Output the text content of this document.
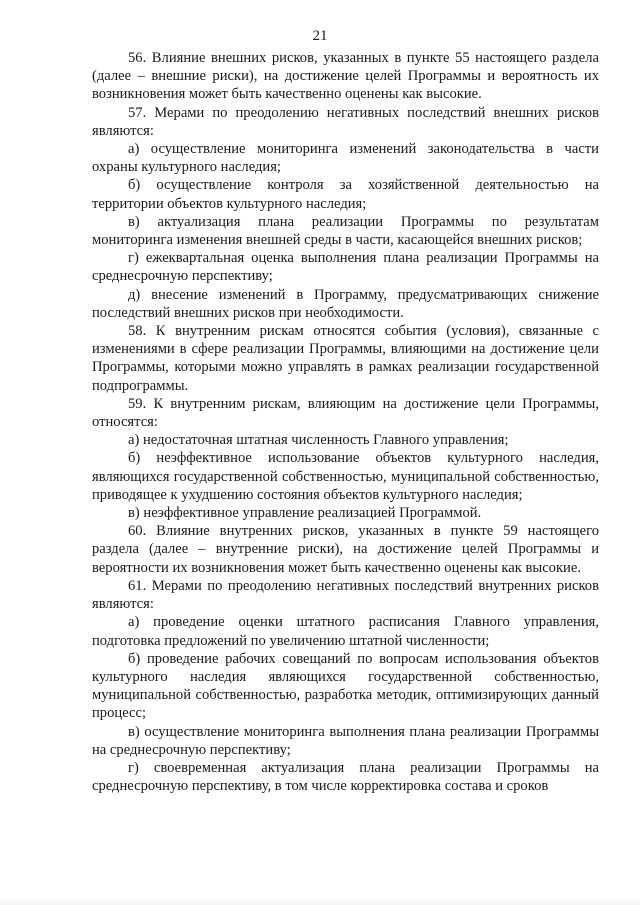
21

56. Влияние внешних рисков, указанных в пункте 55 настоящего раздела (далее – внешние риски), на достижение целей Программы и вероятность их возникновения может быть качественно оценены как высокие.

57. Мерами по преодолению негативных последствий внешних рисков являются:

а) осуществление мониторинга изменений законодательства в части охраны культурного наследия;

б) осуществление контроля за хозяйственной деятельностью на территории объектов культурного наследия;

в) актуализация плана реализации Программы по результатам мониторинга изменения внешней среды в части, касающейся внешних рисков;

г) ежеквартальная оценка выполнения плана реализации Программы на среднесрочную перспективу;

д) внесение изменений в Программу, предусматривающих снижение последствий внешних рисков при необходимости.

58. К внутренним рискам относятся события (условия), связанные с изменениями в сфере реализации Программы, влияющими на достижение цели Программы, которыми можно управлять в рамках реализации государственной подпрограммы.

59. К внутренним рискам, влияющим на достижение цели Программы, относятся:

а) недостаточная штатная численность Главного управления;

б) неэффективное использование объектов культурного наследия, являющихся государственной собственностью, муниципальной собственностью, приводящее к ухудшению состояния объектов культурного наследия;

в) неэффективное управление реализацией Программой.

60. Влияние внутренних рисков, указанных в пункте 59 настоящего раздела (далее – внутренние риски), на достижение целей Программы и вероятности их возникновения может быть качественно оценены как высокие.

61. Мерами по преодолению негативных последствий внутренних рисков являются:

а) проведение оценки штатного расписания Главного управления, подготовка предложений по увеличению штатной численности;

б) проведение рабочих совещаний по вопросам использования объектов культурного наследия являющихся государственной собственностью, муниципальной собственностью, разработка методик, оптимизирующих данный процесс;

в) осуществление мониторинга выполнения плана реализации Программы на среднесрочную перспективу;

г) своевременная актуализация плана реализации Программы на среднесрочную перспективу, в том числе корректировка состава и сроков
